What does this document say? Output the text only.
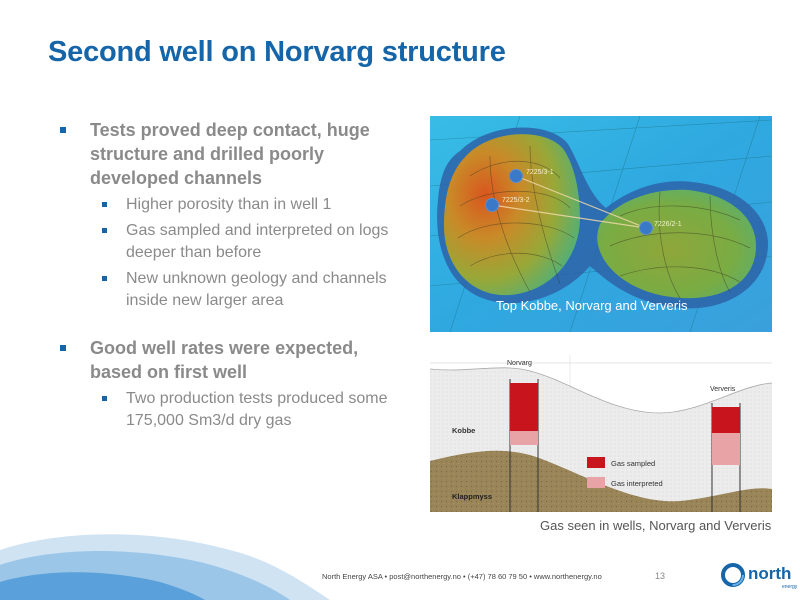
Second well on Norvarg structure
Tests proved deep contact, huge structure and drilled poorly developed channels
Higher porosity than in well 1
Gas sampled and interpreted on logs deeper than before
New unknown geology and channels inside new larger area
Good well rates were expected, based on first well
Two production tests produced some 175,000 Sm3/d dry gas
7225/3-1
7225/3-2
7226/2-1
Top Kobbe, Norvarg and Ververis
Norvarg
Ververis
Kobbe
Klappmyss
Gas sampled
Gas interpreted
Gas seen in wells, Norvarg and Ververis
North Energy ASA • post@northenergy.no • (+47) 78 60 79 50 • www.northenergy.no	13	north
energy
